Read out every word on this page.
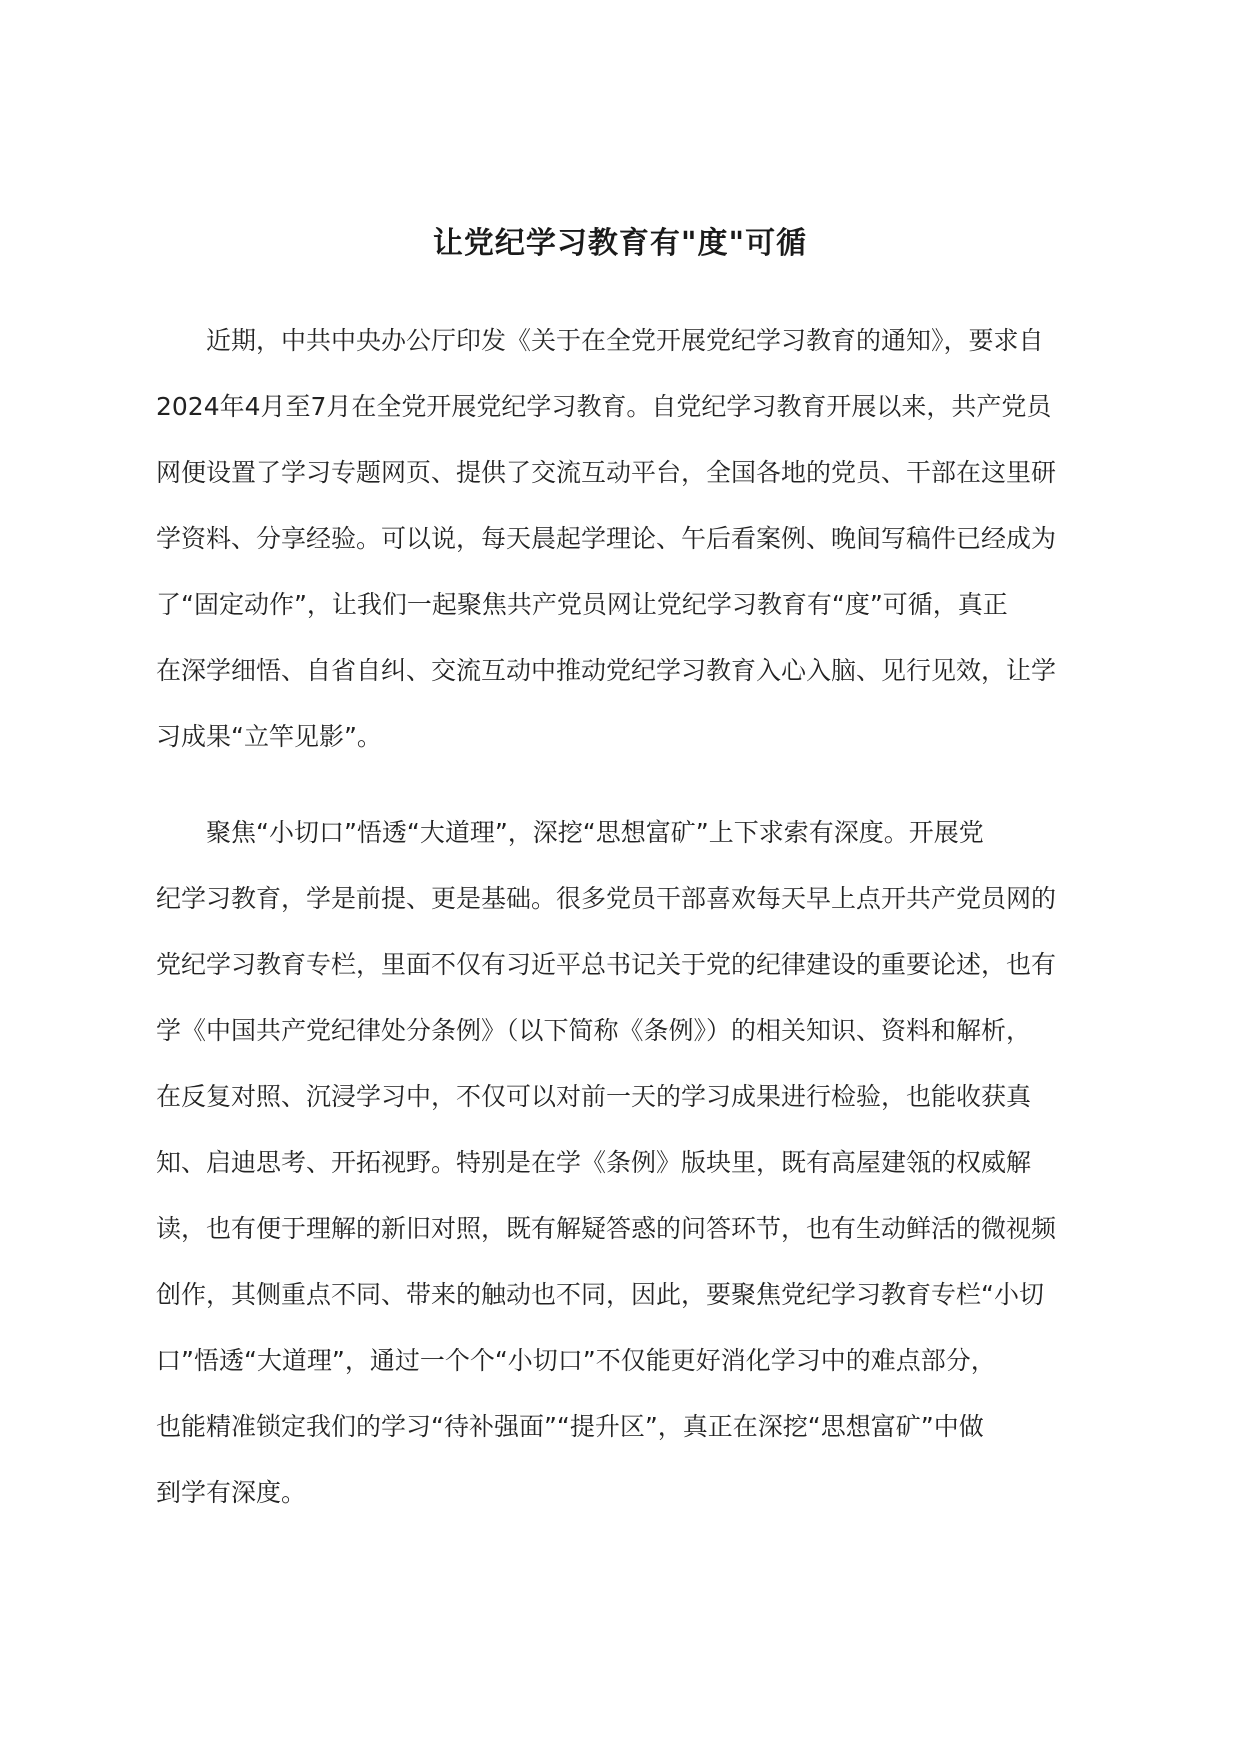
让党纪学习教育有"度"可循
近期，中共中央办公厅印发《关于在全党开展党纪学习教育的通知》，要求自
2024年4月至7月在全党开展党纪学习教育。自党纪学习教育开展以来，共产党员
网便设置了学习专题网页、提供了交流互动平台，全国各地的党员、干部在这里研
学资料、分享经验。可以说，每天晨起学理论、午后看案例、晚间写稿件已经成为
了“固定动作”，让我们一起聚焦共产党员网让党纪学习教育有“度”可循，真正
在深学细悟、自省自纠、交流互动中推动党纪学习教育入心入脑、见行见效，让学
习成果“立竿见影”。
聚焦“小切口”悟透“大道理”，深挖“思想富矿”上下求索有深度。开展党
纪学习教育，学是前提、更是基础。很多党员干部喜欢每天早上点开共产党员网的
党纪学习教育专栏，里面不仅有习近平总书记关于党的纪律建设的重要论述，也有
学《中国共产党纪律处分条例》（以下简称《条例》）的相关知识、资料和解析，
在反复对照、沉浸学习中，不仅可以对前一天的学习成果进行检验，也能收获真
知、启迪思考、开拓视野。特别是在学《条例》版块里，既有高屋建瓴的权威解
读，也有便于理解的新旧对照，既有解疑答惑的问答环节，也有生动鲜活的微视频
创作，其侧重点不同、带来的触动也不同，因此，要聚焦党纪学习教育专栏“小切
口”悟透“大道理”，通过一个个“小切口”不仅能更好消化学习中的难点部分，
也能精准锁定我们的学习“待补强面”“提升区”，真正在深挖“思想富矿”中做
到学有深度。
